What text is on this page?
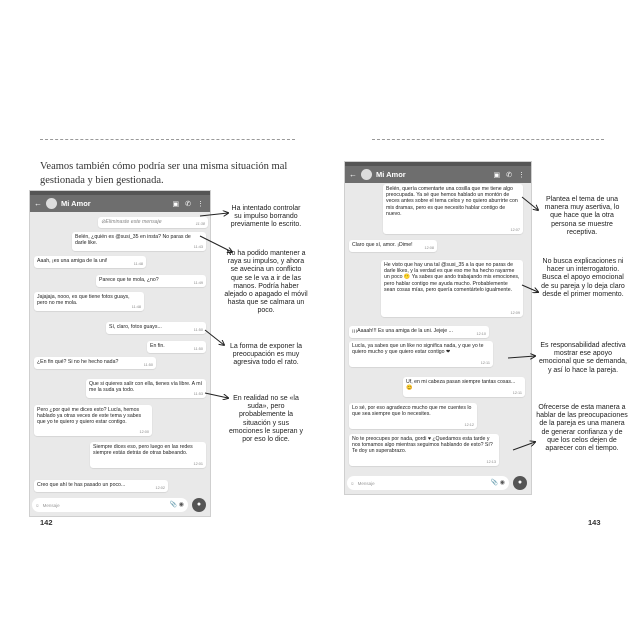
Veamos también cómo podría ser una misma situación mal gestionada y bien gestionada.
←	Mi Amor	▣ ✆ ⋮
⊘ Eliminaste este mensaje	11:38
Belén, ¿quién es @susi_35 en insta? No paras de darle like.
11:43
Aaah, ¡es una amiga de la uni!	11:48
Parece que te mola, ¿no?	11:49
Jajajaja, nooo, es que tiene fotos guays, pero no me mola.
11:48
Sí, claro, fotos guays...	11:50
En fin.	11:50
¿En fin qué? Si no he hecho nada?	11:50
Que si quieres salir con ella, tienes vía libre. A mí me la suda ya todo.
11:53
Pero ¿por qué me dices esto? Lucía, hemos hablado ya otras veces de este tema y sabes que yo te quiero y quiero estar contigo.
12:00
Siempre dices eso, pero luego en las redes siempre estás detrás de otras babeando.
12:01
Creo que ahí te has pasado un poco...	12:02
☺ Mensaje	📎 ◉	●
Ha intentado controlar su impulso borrando previamente lo escrito.
No ha podido mantener a raya su impulso, y ahora se avecina un conflicto que se le va a ir de las manos. Podría haber alejado o apagado el móvil hasta que se calmara un poco.
La forma de exponer la preocupación es muy agresiva todo el rato.
En realidad no se «la suda», pero probablemente la situación y sus emociones le superan y por eso lo dice.
142
←	Mi Amor	▣ ✆ ⋮
Belén, quería comentarte una cosilla que me tiene algo preocupada. Ya sé que hemos hablado un montón de veces antes sobre el tema celos y no quiero aburrirte con mis dramas, pero es que necesito hablar contigo de nuevo.
12:07
Claro que sí, amor. ¡Dime!	12:08
He visto que hay una tal @susi_35 a la que no paras de darle likes, y la verdad es que eso me ha hecho rayarme un poco 😶 Ya sabes que ando trabajando mis emociones, pero hablar contigo me ayuda mucho. Probablemente sean cosas mías, pero quería comentártelo igualmente.
12:09
¡¡¡Aaaah!!! Es una amiga de la uni. Jejeje ...	12:10
Lucía, ya sabes que un like no significa nada, y que yo te quiero mucho y que quiero estar contigo ❤
12:11
Uf, en mi cabeza pasan siempre tantas cosas... 😊
12:11
Lo sé, por eso agradezco mucho que me cuentes lo que sea siempre que lo necesites.
12:12
No te preocupes por nada, gordi ♥ ¿Quedamos esta tarde y nos tomamos algo mientras seguimos hablando de esto? Sí? Te doy un superabrazo.
12:13
☺ Mensaje	📎 ◉	●
Plantea el tema de una manera muy asertiva, lo que hace que la otra persona se muestre receptiva.
No busca explicaciones ni hacer un interrogatorio. Busca el apoyo emocional de su pareja y lo deja claro desde el primer momento.
Es responsabilidad afectiva mostrar ese apoyo emocional que se demanda, y así lo hace la pareja.
Ofrecerse de esta manera a hablar de las preocupaciones de la pareja es una manera de generar confianza y de que los celos dejen de aparecer con el tiempo.
143
